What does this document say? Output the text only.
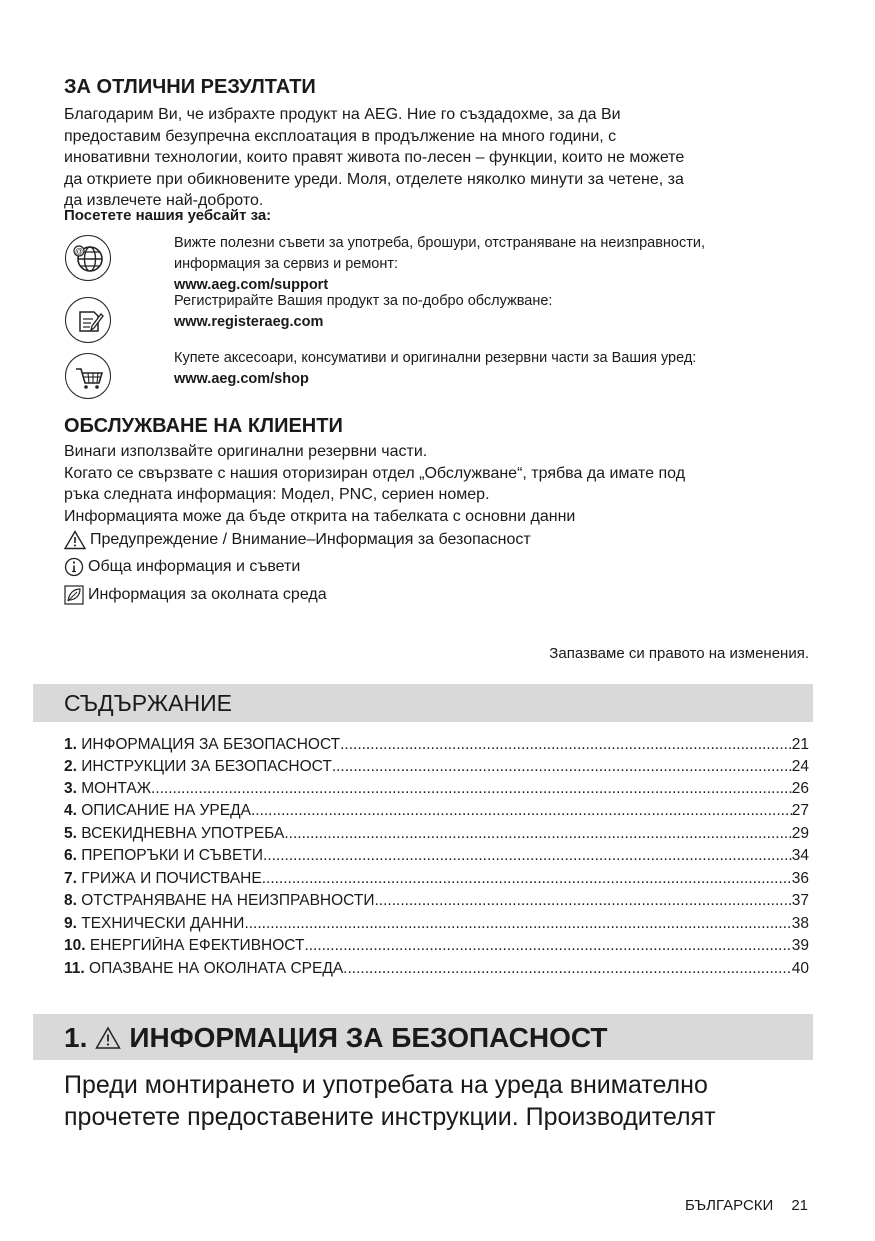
ЗА ОТЛИЧНИ РЕЗУЛТАТИ
Благодарим Ви, че избрахте продукт на AEG. Ние го създадохме, за да Ви
предоставим безупречна експлоатация в продължение на много години, с
иновативни технологии, които правят живота по-лесен – функции, които не можете
да откриете при обикновените уреди. Моля, отделете няколко минути за четене, за
да извлечете най-доброто.
Посетете нашия уебсайт за:
@
Вижте полезни съвети за употреба, брошури, отстраняване на неизправности,
информация за сервиз и ремонт:
www.aeg.com/support
Регистрирайте Вашия продукт за по-добро обслужване:
www.registeraeg.com
Купете аксесоари, консумативи и оригинални резервни части за Вашия уред:
www.aeg.com/shop
ОБСЛУЖВАНЕ НА КЛИЕНТИ
Винаги използвайте оригинални резервни части.
Когато се свързвате с нашия оторизиран отдел „Обслужване“, трябва да имате под
ръка следната информация: Модел, PNC, сериен номер.
Информацията може да бъде открита на табелката с основни данни
Предупреждение / Внимание–Информация за безопасност
Обща информация и съвети
Информация за околната среда
Запазваме си правото на изменения.
СЪДЪРЖАНИЕ
1. ИНФОРМАЦИЯ ЗА БЕЗОПАСНОСТ .....	21
2. ИНСТРУКЦИИ ЗА БЕЗОПАСНОСТ .....	24
3. МОНТАЖ .....	26
4. ОПИСАНИЕ НА УРЕДА .....	27
5. ВСЕКИДНЕВНА УПОТРЕБА .....	29
6. ПРЕПОРЪКИ И СЪВЕТИ .....	34
7. ГРИЖА И ПОЧИСТВАНЕ .....	36
8. ОТСТРАНЯВАНЕ НА НЕИЗПРАВНОСТИ .....	37
9. ТЕХНИЧЕСКИ ДАННИ .....	38
10. ЕНЕРГИЙНА ЕФЕКТИВНОСТ .....	39
11. ОПАЗВАНЕ НА ОКОЛНАТА СРЕДА .....	40
1. ИНФОРМАЦИЯ ЗА БЕЗОПАСНОСТ
Преди монтирането и употребата на уреда внимателно
прочетете предоставените инструкции. Производителят
БЪЛГАРСКИ 21
